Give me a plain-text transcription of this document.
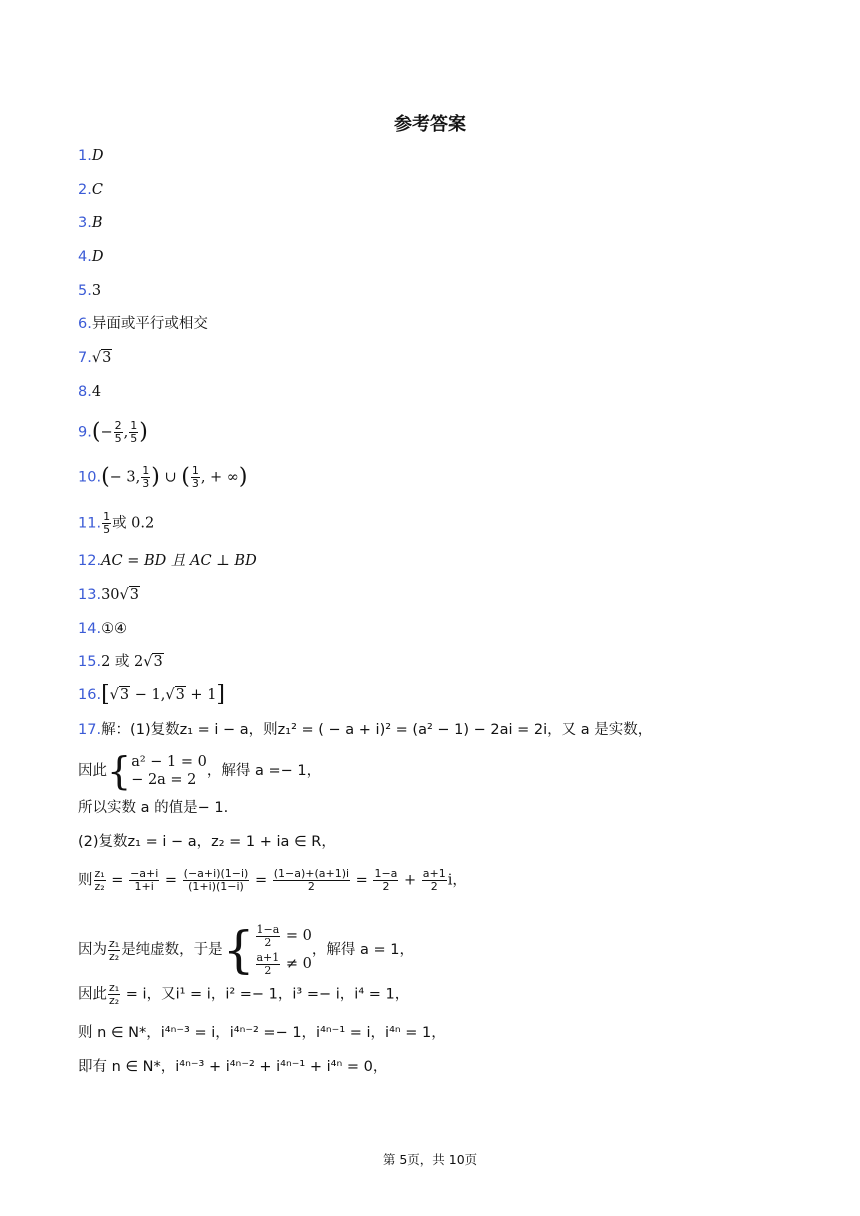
参考答案
1.D
2.C
3.B
4.D
5.3
6.异面或平行或相交
7.√3
8.4
$9.(- \frac{2}{5}$ , $\frac{1}{5}$ )
10.(− 3, $\frac{1}{3}$ ) ∪ ( $\frac{1}{3}$ , + ∞)
11. $\frac{1}{5}$ 或 0.2
12.AC = BD 且 AC ⊥ BD
13.30√3
14.①④
15.2 或 2√3
16.[√3 − 1,√3 + 1]
17.解：(1)复数z₁ = i − a，则z₁² = ( − a + i)² = (a² − 1) − 2ai = 2i，又 a 是实数，
因此 { a² − 1 = 0
− 2a = 2
，解得 a =− 1，
所以实数 a 的值是− 1.
(2)复数z₁ = i − a，z₂ = 1 + ia ∈ R，
则 $\frac{\text{z₁}}{\text{z₂}} = \frac{-a+i}{1+i} = \frac{(-a+i)(1-i)}{(1+i)(1-i)} = \frac{(1-a)+(a+1)i}{2} = \frac{1-a}{2} + \frac{a+1}{2}$ i，
因为 $\frac{\text{z₁}}{\text{z₂}}$ 是纯虚数，于是 { $\frac{1-a}{2} = 0$
$\frac{a+1}{2} \ne 0$
，解得 a = 1，
因此 $\frac{\text{z₁}}{\text{z₂}} = i$，又i¹ = i，i² =− 1，i³ =− i，i⁴ = 1，
则 n ∈ N*，i⁴ⁿ⁻³ = i，i⁴ⁿ⁻² =− 1，i⁴ⁿ⁻¹ = i，i⁴ⁿ = 1，
即有 n ∈ N*，i⁴ⁿ⁻³ + i⁴ⁿ⁻² + i⁴ⁿ⁻¹ + i⁴ⁿ = 0，
第 5页，共 10页
